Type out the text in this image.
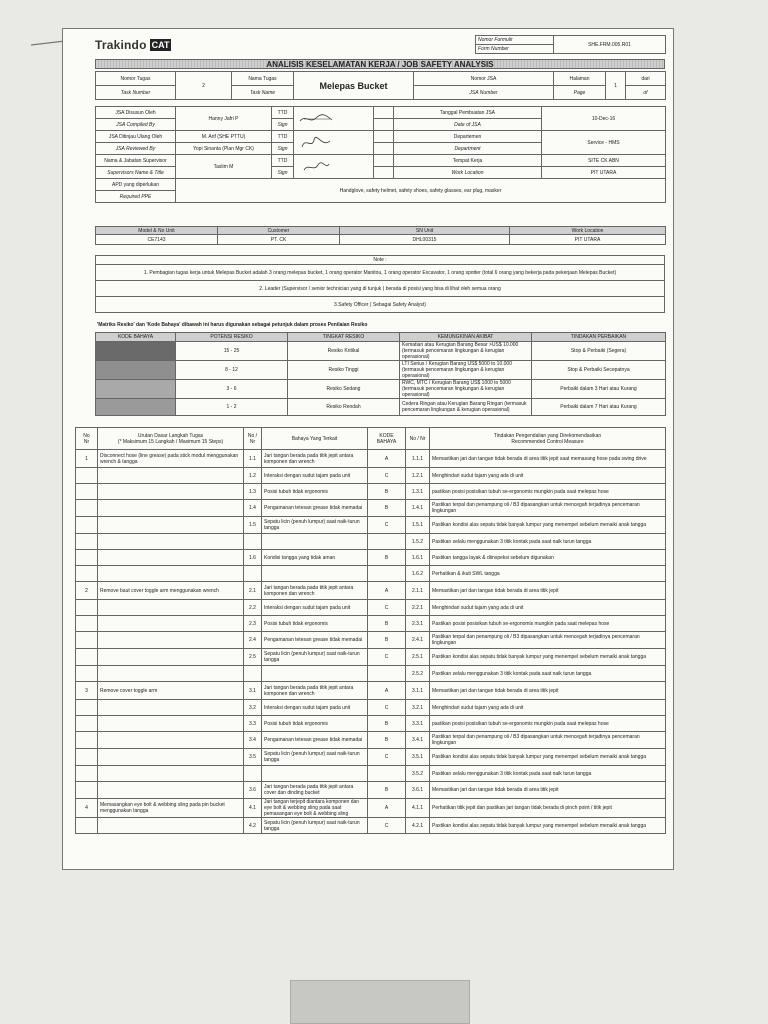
Trakindo CAT	Nomor Formulir	SHE.FRM.005.R01
Form Number
ANALISIS KESELAMATAN KERJA / JOB SAFETY ANALYSIS
Nomor Tugas	2	Nama Tugas	Melepas Bucket	Nomor JSA	Halaman	1	dari
Task Number		Task Name		JSA Number	Page		of
JSA Disusun Oleh	Hanny Jafri P	TTD			Tanggal Pembuatan JSA	10-Dec-16
JSA Compiled By		Sign			Date of JSA	
JSA Ditinjau Ulang Oleh	M. Arif (SHE PTTU)	TTD			Departemen	Service - HMS
JSA Reviewed By	Yopi Sinanta (Plan Mgr CK)	Sign			Department	
Nama & Jabatan Supervisor	Taslim M	TTD			Tempat Kerja	SITE CK ABN
Supervisors Name & Title		Sign			Work Location	PIT UTARA
APD yang diperlukan	Handglove, safety helmet, safety shoes, safety glasses, ear plug, masker					
Required PPE						
Model & No Unit	Customer	SN Unit	Work Location
CE7143	PT. CK	DHL00315	PIT UTARA
Note :
1. Pembagian tugas kerja untuk Melepas Bucket adalah 3 orang melepas bucket, 1 orang operator Manitou, 1 orang operator Excavator, 1 orang spotter (total 6 orang yang bekerja pada pekerjaan Melepas Bucket)
2. Leader (Supervisor / senior technician yang di tunjuk ) berada di posisi yang bisa di lihat oleh semua orang
3.Safety Officer ( Sebagai Safety Analyst)
'Matriks Resiko' dan 'Kode Bahaya' dibawah ini harus digunakan sebagai petunjuk dalam proses Penilaian Resiko
KODE BAHAYA	POTENSI RESIKO	TINGKAT RESIKO	KEMUNGKINAN AKIBAT	TINDAKAN PERBAIKAN
AA	15 - 25	Resiko Kritikal	Kematian atau Kerugian Barang Besar >US$ 10.000 (termasuk pencemaran lingkungan & kerugian operasional)	Stop & Perbaiki (Segera)
A	8 - 12	Resiko Tinggi	LTI Serius / Kerugian Barang US$ 5000 to 10.000 (termasuk pencemaran lingkungan & kerugian operasional)	Stop & Perbaiki Secepatnya
B	3 - 6	Resiko Sedang	RWC, MTC / Kerugian Barang US$ 1000 to 5000 (termasuk pencemaran lingkungan & kerugian operasional)	Perbaiki dalam 3 Hari atau Kurang
C	1 - 2	Resiko Rendah	Cedera Ringan atau Kerugian Barang Ringan (termasuk pencemaran lingkungan & kerugian operasional)	Perbaiki dalam 7 Hari atau Kurang
No
Nr	Urutan Dasar Langkah Tugas
(* Maksimum 15 Langkah / Maximum 15 Steps)	No / Nr	Bahaya Yang Terkait	KODE BAHAYA	No / Nr	Tindakan Pengendalian yang Direkomendasikan
Recommended Control Measure
1	Disconnect hose (line grease) pada stick modul menggunakan wrench & tangga	1.1	Jari tangan berada pada titik jepit antara komponen dan wrench	A	1.1.1	Memastikan jari dan tangan tidak berada di area titik jepit saat memasang hose pada swing drive
		1.2	Interaksi dengan sudut tajam pada unit	C	1.2.1	Menghindari sudut tajam yang ada di unit
		1.3	Posisi tubuh tidak ergonomis	B	1.3.1	pastikan posisi posisikan tubuh se-ergonomis mungkin pada saat melepas hose
		1.4	Pengamanan tetesan grease tidak memadai	B	1.4.1	Pastikan terpal dan penampung oli / B3 dipasangkan untuk mencegah terjadinya pencemaran lingkungan
		1.5	Sepatu licin (penuh lumpur) saat naik-turun tangga	C	1.5.1	Pastikan kondisi alas sepatu tidak banyak lumpur yang menempel sebelum menaiki anak tangga
					1.5.2	Pastikan selalu menggunakan 3 titik kontak pada saat naik turun tangga
		1.6	Kondisi tangga yang tidak aman	B	1.6.1	Pastikan tangga layak & diinspeksi sebelum digunakan
					1.6.2	Perhatikan & ikuti SWL tangga
2	Remove baut cover toggle arm menggunakan wrench	2.1	Jari tangan berada pada titik jepit antara komponen dan wrench	A	2.1.1	Memastikan jari dan tangan tidak berada di area titik jepit
		2.2	Interaksi dengan sudut tajam pada unit	C	2.2.1	Menghindari sudut tajam yang ada di unit
		2.3	Posisi tubuh tidak ergonomis	B	2.3.1	Pastikan posisi posisikan tubuh se-ergonomis mungkin pada saat melepas hose
		2.4	Pengamanan tetesan grease tidak memadai	B	2.4.1	Pastikan terpal dan penampung oli / B3 dipasangkan untuk mencegah terjadinya pencemaran lingkungan
		2.5	Sepatu licin (penuh lumpur) saat naik-turun tangga	C	2.5.1	Pastikan kondisi alas sepatu tidak banyak lumpur yang menempel sebelum menaiki anak tangga
					2.5.2	Pastikan selalu menggunakan 3 titik kontak pada saat naik turun tangga
3	Remove cover toggle arm	3.1	Jari tangan berada pada titik jepit antara komponen dan wrench	A	3.1.1	Memastikan jari dan tangan tidak berada di area titik jepit
		3.2	Interaksi dengan sudut tajam pada unit	C	3.2.1	Menghindari sudut tajam yang ada di unit
		3.3	Posisi tubuh tidak ergonomis	B	3.3.1	pastikan posisi posisikan tubuh se-ergonomis mungkin pada saat melepas hose
		3.4	Pengamanan tetesan grease tidak memadai	B	3.4.1	Pastikan terpal dan penampung oli / B3 dipasangkan untuk mencegah terjadinya pencemaran lingkungan
		3.5	Sepatu licin (penuh lumpur) saat naik-turun tangga	C	3.5.1	Pastikan kondisi alas sepatu tidak banyak lumpur yang menempel sebelum menaiki anak tangga
					3.5.2	Pastikan selalu menggunakan 3 titik kontak pada saat naik turun tangga
		3.6	Jari tangan berada pada titik jepit antara cover dan dinding bucket	B	3.6.1	Memastikan jari dan tangan tidak berada di area titik jepit
4	Memasangkan eye bolt & webbing sling pada pin bucket menggunakan tangga	4.1	Jari tangan terjepit diantara komponen dan eye bolt & webbing sling pada saat pemasangan eye bolt & webbing sling	A	4.1.1	Perhatikan titik jepit dan pastikan jari tangan tidak berada di pinch point / titik jepit
		4.2	Sepatu licin (penuh lumpur) saat naik-turun tangga	C	4.2.1	Pastikan kondisi alas sepatu tidak banyak lumpur yang menempel sebelum menaiki anak tangga
